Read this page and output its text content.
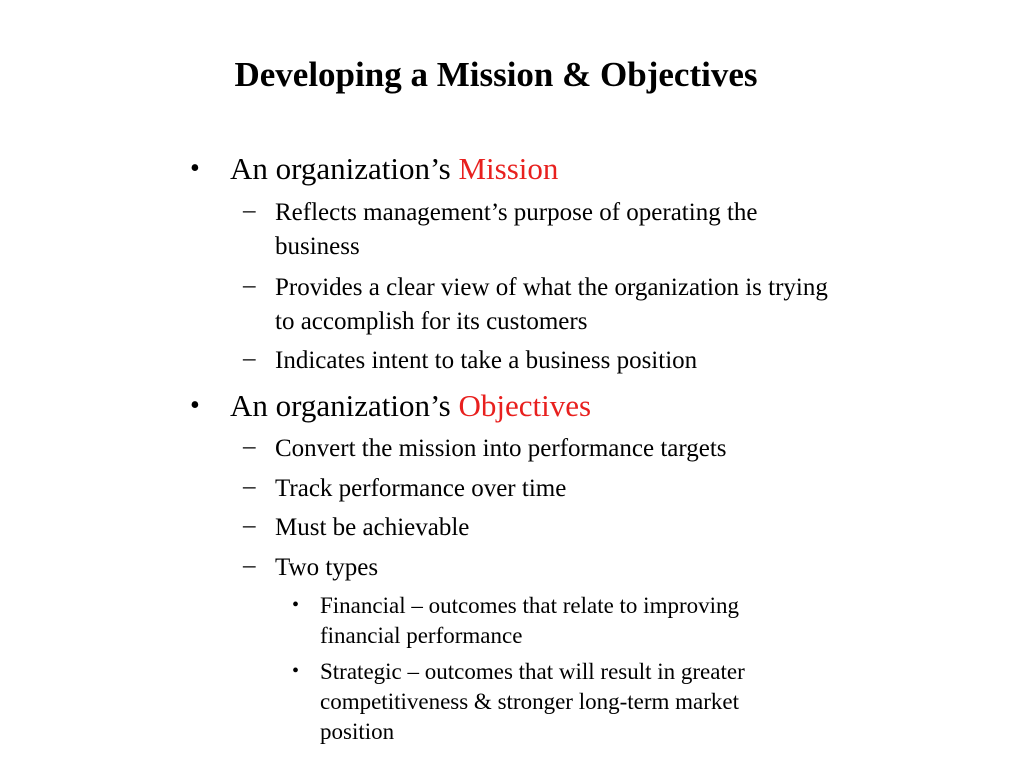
Developing a Mission & Objectives
• An organization’s Mission
– Reflects management’s purpose of operating the business
– Provides a clear view of what the organization is trying to accomplish for its customers
– Indicates intent to take a business position
• An organization’s Objectives
– Convert the mission into performance targets
– Track performance over time
– Must be achievable
– Two types
• Financial – outcomes that relate to improving financial performance
• Strategic – outcomes that will result in greater competitiveness & stronger long-term market position
